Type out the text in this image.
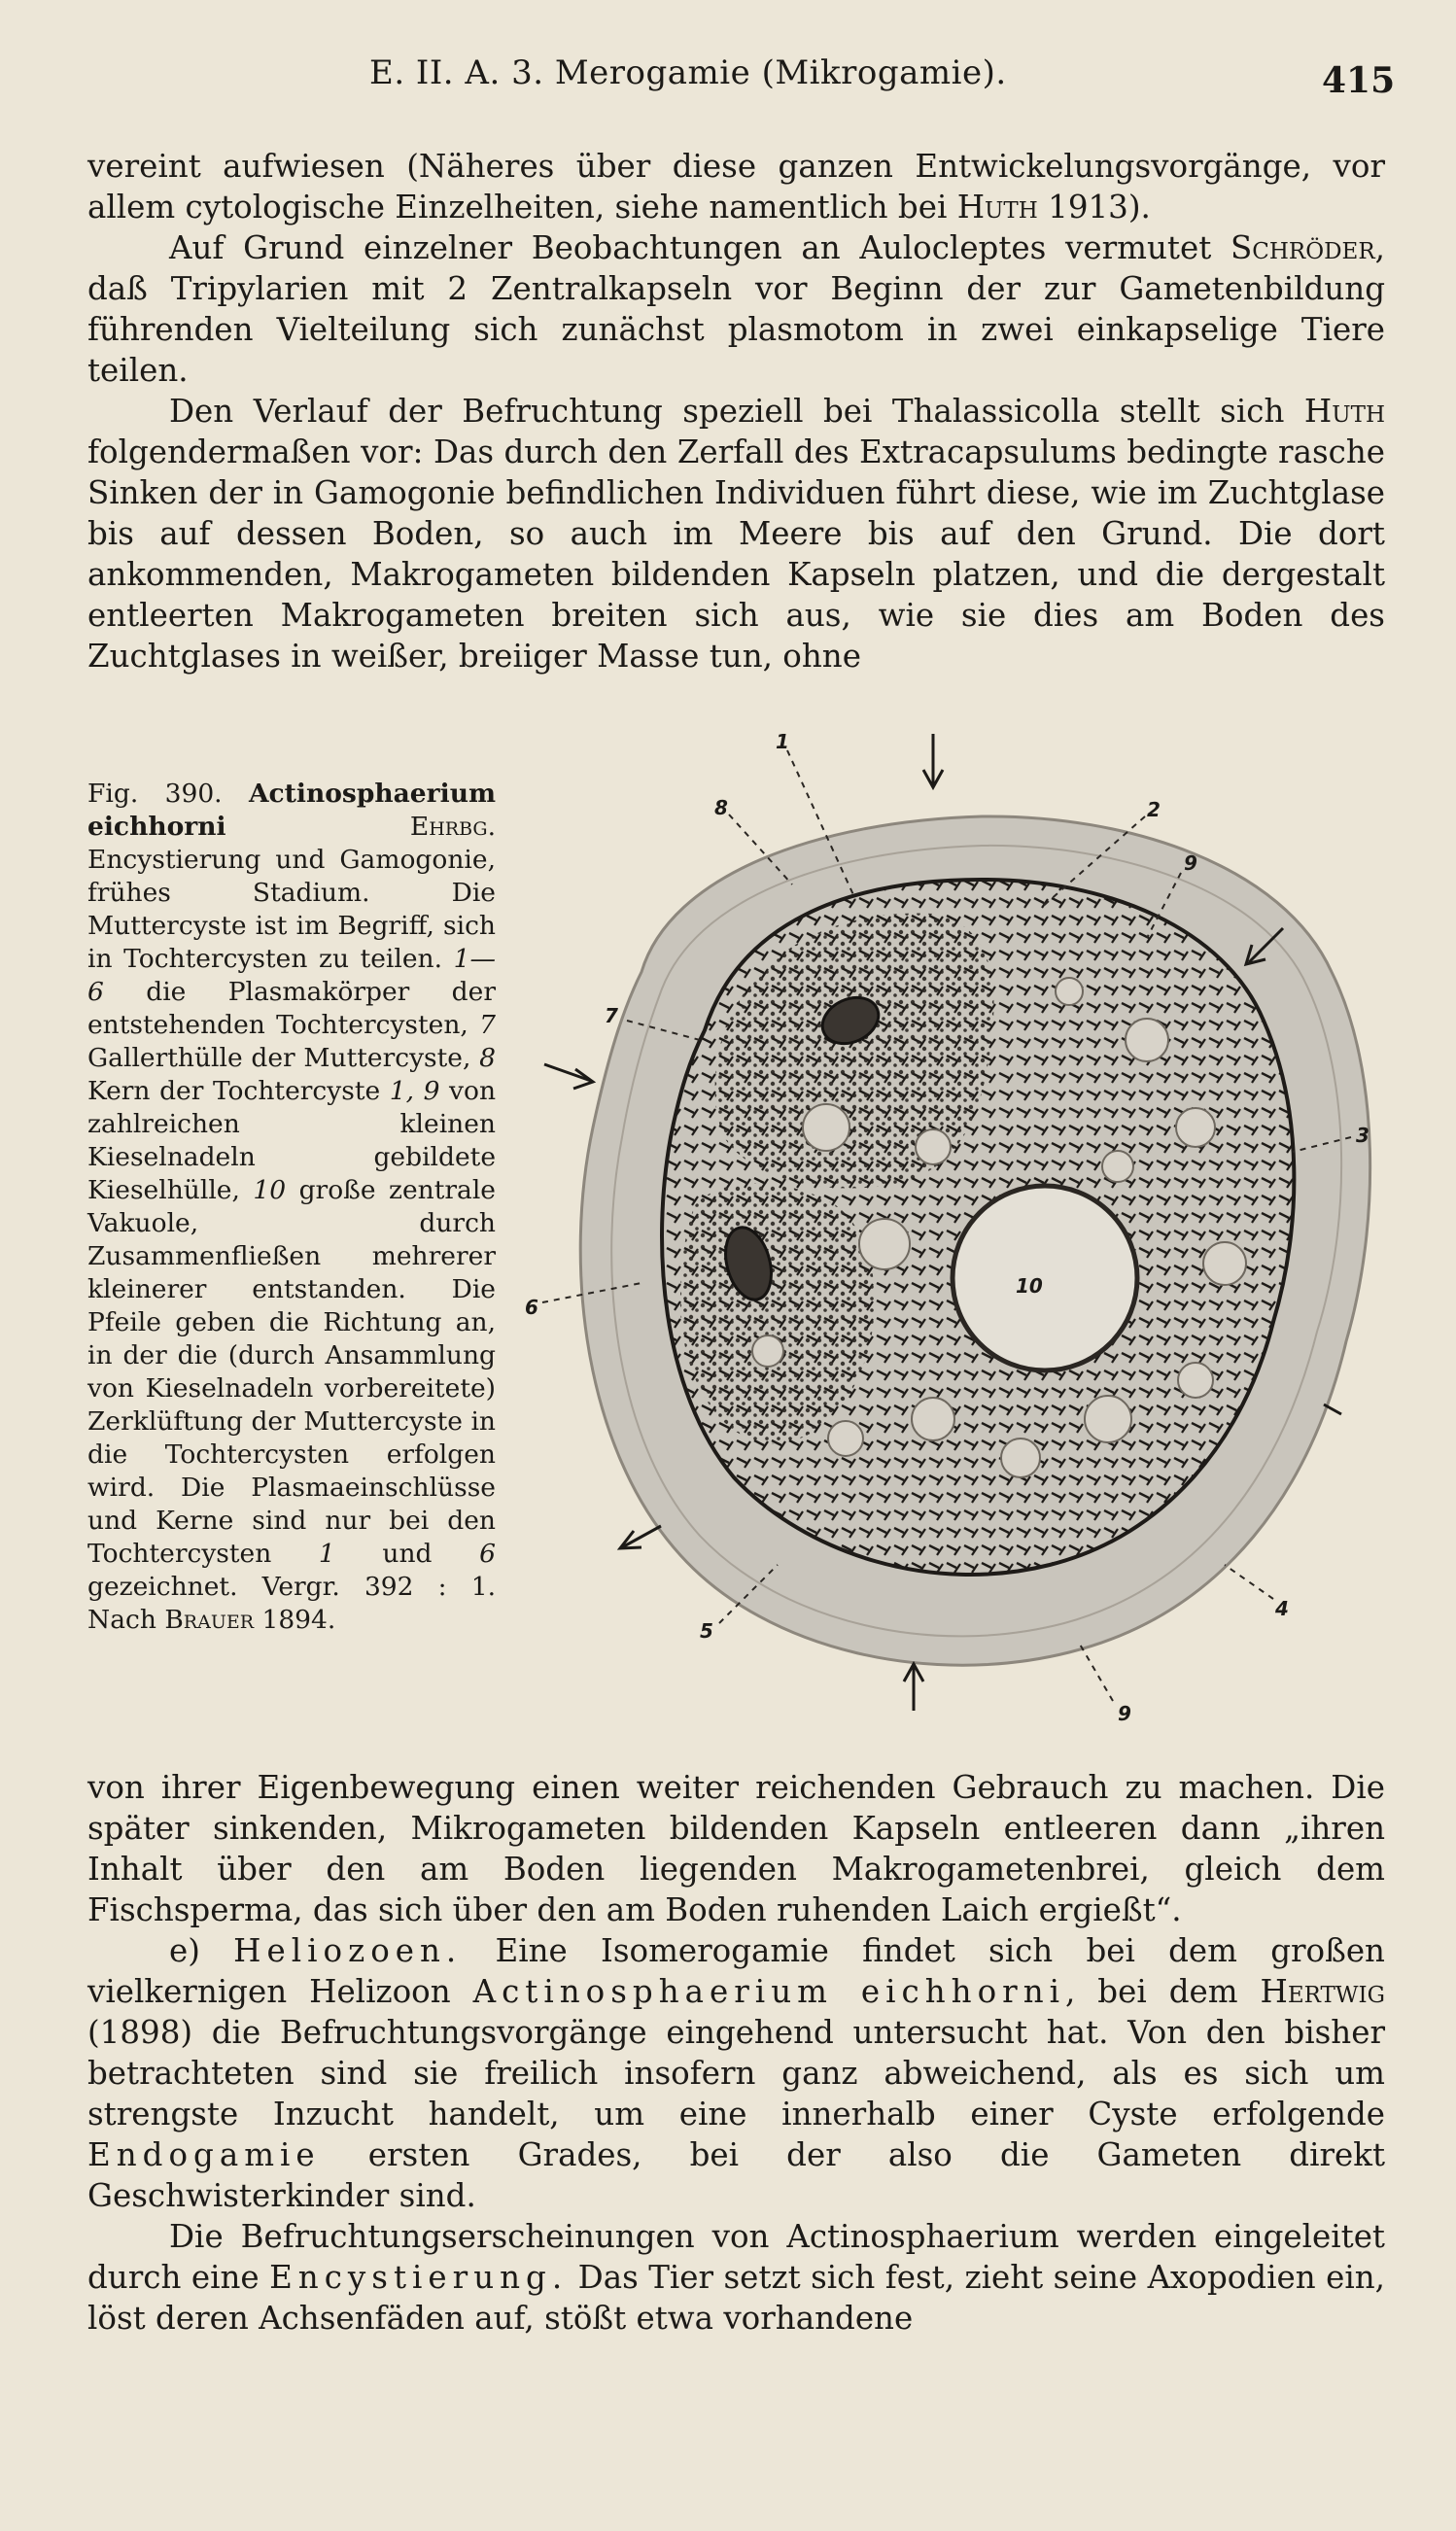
E. II. A. 3. Merogamie (Mikrogamie).	415

vereint aufwiesen (Näheres über diese ganzen Entwickelungsvorgänge, vor allem cytologische Einzelheiten, siehe namentlich bei Huth 1913).

Auf Grund einzelner Beobachtungen an Aulocleptes vermutet Schröder, daß Tripylarien mit 2 Zentralkapseln vor Beginn der zur Gametenbildung führenden Vielteilung sich zunächst plasmotom in zwei einkapselige Tiere teilen.

Den Verlauf der Befruchtung speziell bei Thalassicolla stellt sich Huth folgendermaßen vor: Das durch den Zerfall des Extracapsulums bedingte rasche Sinken der in Gamogonie befindlichen Individuen führt diese, wie im Zuchtglase bis auf dessen Boden, so auch im Meere bis auf den Grund. Die dort ankommenden, Makrogameten bildenden Kapseln platzen, und die dergestalt entleerten Makrogameten breiten sich aus, wie sie dies am Boden des Zuchtglases in weißer, breiiger Masse tun, ohne

Fig. 390. Actinosphaerium eichhorni	Ehrbg. Encystierung und Gamogonie, frühes Stadium. Die Muttercyste ist im Begriff, sich in Tochtercysten zu teilen. 1—6 die Plasmakörper der entstehenden Tochtercysten, 7 Gallerthülle der Muttercyste, 8 Kern der Tochtercyste 1, 9 von zahlreichen kleinen Kieselnadeln gebildete Kieselhülle, 10 große zentrale Vakuole, durch Zusammenfließen mehrerer kleinerer entstanden. Die Pfeile geben die Richtung an, in der die (durch Ansammlung von Kieselnadeln vorbereitete) Zerklüftung der Muttercyste in die Tochtercysten erfolgen wird. Die Plasmaeinschlüsse und Kerne sind nur bei den Tochtercysten 1 und 6 gezeichnet. Vergr. 392 : 1. Nach Brauer 1894.
1
2
3
4
5
6
7
8
9
9
10

von ihrer Eigenbewegung einen weiter reichenden Gebrauch zu machen. Die später sinkenden, Mikrogameten bildenden Kapseln entleeren dann „ihren Inhalt über den am Boden liegenden Makrogametenbrei, gleich dem Fischsperma, das sich über den am Boden ruhenden Laich ergießt“.

e) Heliozoen. Eine Isomerogamie findet sich bei dem großen vielkernigen Helizoon Actinosphaerium eichhorni, bei dem Hertwig (1898) die Befruchtungsvorgänge eingehend untersucht hat. Von den bisher betrachteten sind sie freilich insofern ganz abweichend, als es sich um strengste Inzucht handelt, um eine innerhalb einer Cyste erfolgende Endogamie ersten Grades, bei der also die Gameten direkt Geschwisterkinder sind.

Die Befruchtungserscheinungen von Actinosphaerium werden eingeleitet durch eine Encystierung. Das Tier setzt sich fest, zieht seine Axopodien ein, löst deren Achsenfäden auf, stößt etwa vorhandene
